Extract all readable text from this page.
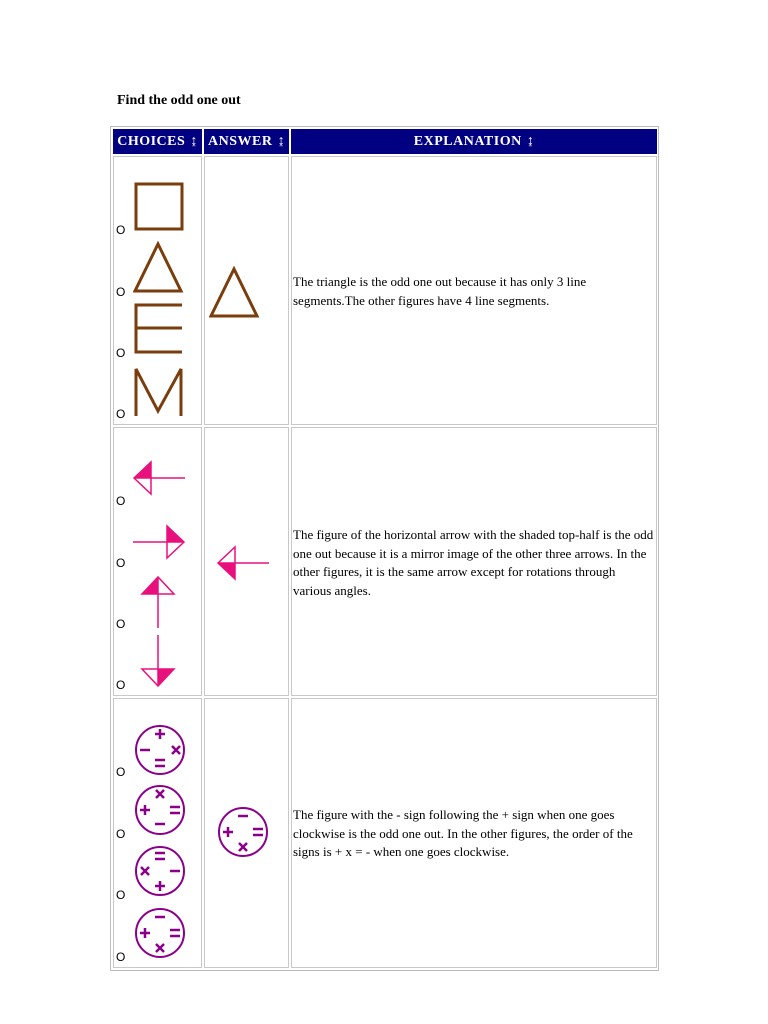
Find the odd one out
CHOICES ↨ ANSWER ↨	EXPLANATION ↨
O
O
O
O
The triangle is the odd one out because it has only 3 line segments.The other figures have 4 line segments.
O
O
O
O
The figure of the horizontal arrow with the shaded top-half is the odd one out because it is a mirror image of the other three arrows. In the other figures, it is the same arrow except for rotations through various angles.
O
O
O
O
The figure with the - sign following the + sign when one goes clockwise is the odd one out. In the other figures, the order of the signs is + x = - when one goes clockwise.
